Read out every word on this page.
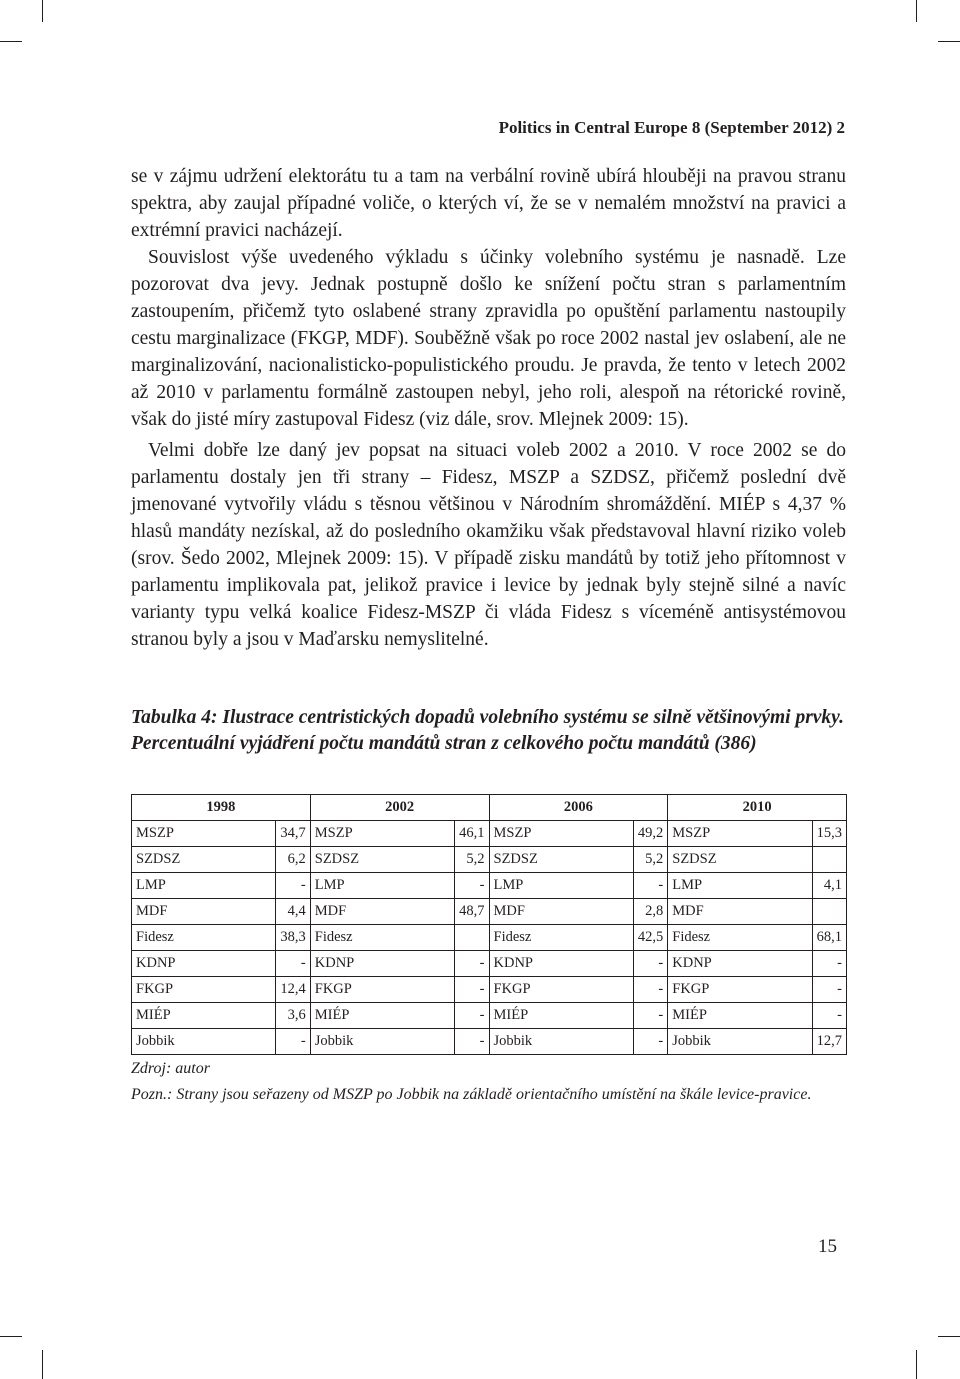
Politics in Central Europe 8 (September 2012) 2

se v zájmu udržení elektorátu tu a tam na verbální rovině ubírá hlouběji na pravou stranu spektra, aby zaujal případné voliče, o kterých ví, že se v nemalém množství na pravici a extrémní pravici nacházejí.

Souvislost výše uvedeného výkladu s účinky volebního systému je nasnadě. Lze pozorovat dva jevy. Jednak postupně došlo ke snížení počtu stran s parlamentním zastoupením, přičemž tyto oslabené strany zpravidla po opuštění parlamentu nastoupily cestu marginalizace (FKGP, MDF). Souběžně však po roce 2002 nastal jev oslabení, ale ne marginalizování, nacionalisticko-populistického proudu. Je pravda, že tento v letech 2002 až 2010 v parlamentu formálně zastoupen nebyl, jeho roli, alespoň na rétorické rovině, však do jisté míry zastupoval Fidesz (viz dále, srov. Mlejnek 2009: 15).

Velmi dobře lze daný jev popsat na situaci voleb 2002 a 2010. V roce 2002 se do parlamentu dostaly jen tři strany – Fidesz, MSZP a SZDSZ, přičemž poslední dvě jmenované vytvořily vládu s těsnou většinou v Národním shromáždění. MIÉP s 4,37 % hlasů mandáty nezískal, až do posledního okamžiku však představoval hlavní riziko voleb (srov. Šedo 2002, Mlejnek 2009: 15). V případě zisku mandátů by totiž jeho přítomnost v parlamentu implikovala pat, jelikož pravice i levice by jednak byly stejně silné a navíc varianty typu velká koalice Fidesz-MSZP či vláda Fidesz s víceméně antisystémovou stranou byly a jsou v Maďarsku nemyslitelné.

Tabulka 4: Ilustrace centristických dopadů volebního systému se silně většinovými prvky. Percentuální vyjádření počtu mandátů stran z celkového počtu mandátů (386)
1998		2002		2006		2010	
MSZP	34,7	MSZP	46,1	MSZP	49,2	MSZP	15,3
SZDSZ	6,2	SZDSZ	5,2	SZDSZ	5,2	SZDSZ	
LMP	-	LMP	-	LMP	-	LMP	4,1
MDF	4,4	MDF	48,7	MDF	2,8	MDF	
Fidesz	38,3	Fidesz		Fidesz	42,5	Fidesz	68,1
KDNP	-	KDNP	-	KDNP	-	KDNP	-
FKGP	12,4	FKGP	-	FKGP	-	FKGP	-
MIÉP	3,6	MIÉP	-	MIÉP	-	MIÉP	-
Jobbik	-	Jobbik	-	Jobbik	-	Jobbik	12,7
Zdroj: autor
Pozn.: Strany jsou seřazeny od MSZP po Jobbik na základě orientačního umístění na škále levice-pravice.
15
